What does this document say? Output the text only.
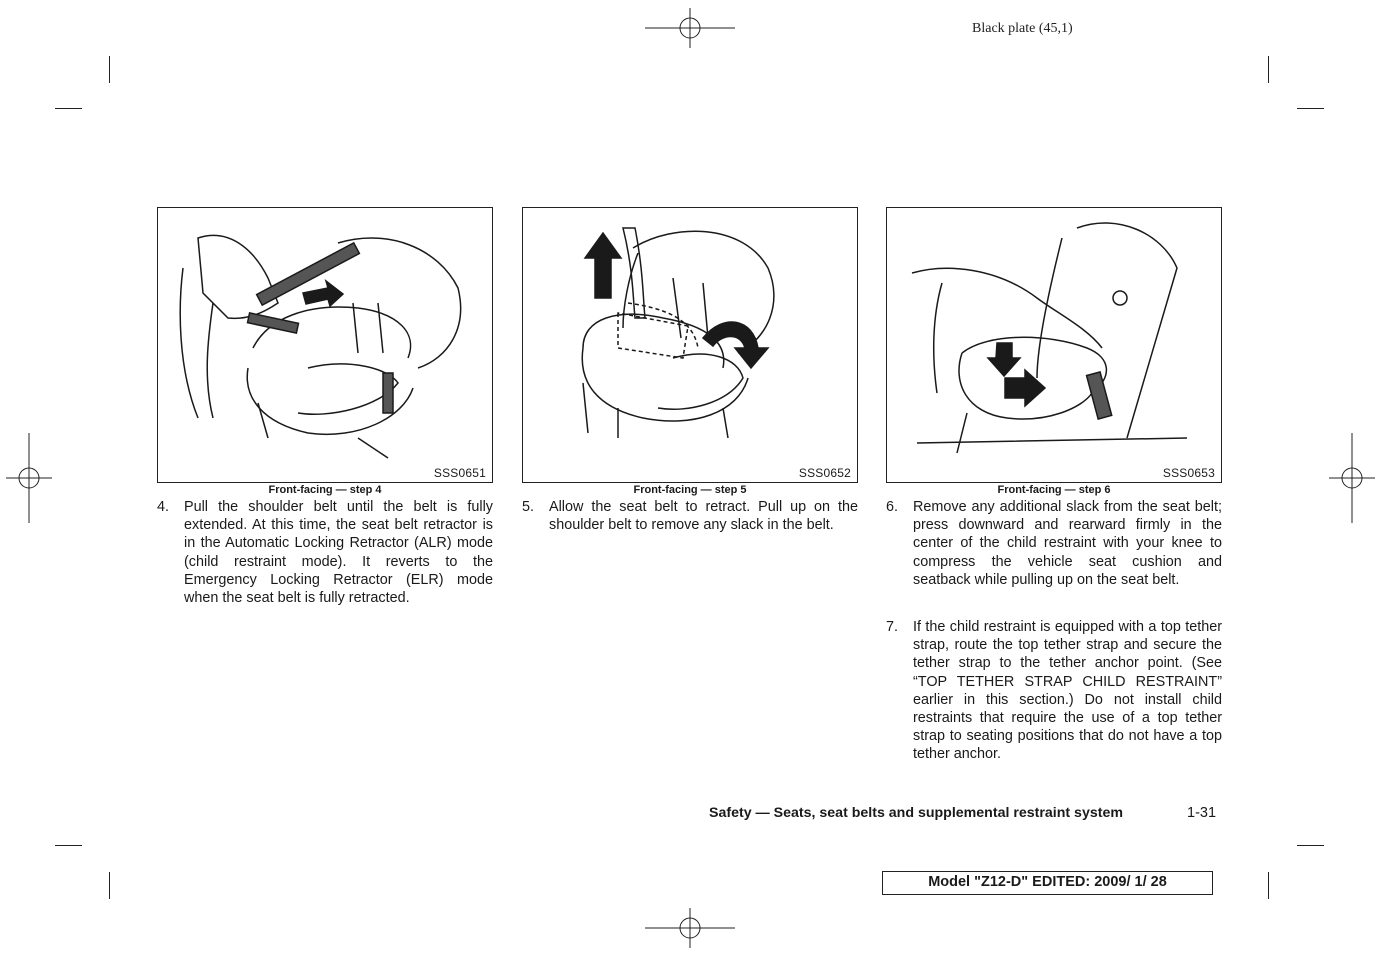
Black plate (45,1)
SSS0651
Front-facing — step 4
SSS0652
Front-facing — step 5
SSS0653
Front-facing — step 6
4. Pull the shoulder belt until the belt is fully extended. At this time, the seat belt retractor is in the Automatic Locking Retractor (ALR) mode (child restraint mode). It reverts to the Emergency Locking Retractor (ELR) mode when the seat belt is fully retracted.
5. Allow the seat belt to retract. Pull up on the shoulder belt to remove any slack in the belt.
6. Remove any additional slack from the seat belt; press downward and rearward firmly in the center of the child restraint with your knee to compress the vehicle seat cushion and seatback while pulling up on the seat belt.
7. If the child restraint is equipped with a top tether strap, route the top tether strap and secure the tether strap to the tether anchor point. (See “TOP TETHER STRAP CHILD RESTRAINT” earlier in this section.) Do not install child restraints that require the use of a top tether strap to seating positions that do not have a top tether anchor.
Safety — Seats, seat belts and supplemental restraint system	1-31
Model "Z12-D" EDITED: 2009/ 1/ 28
